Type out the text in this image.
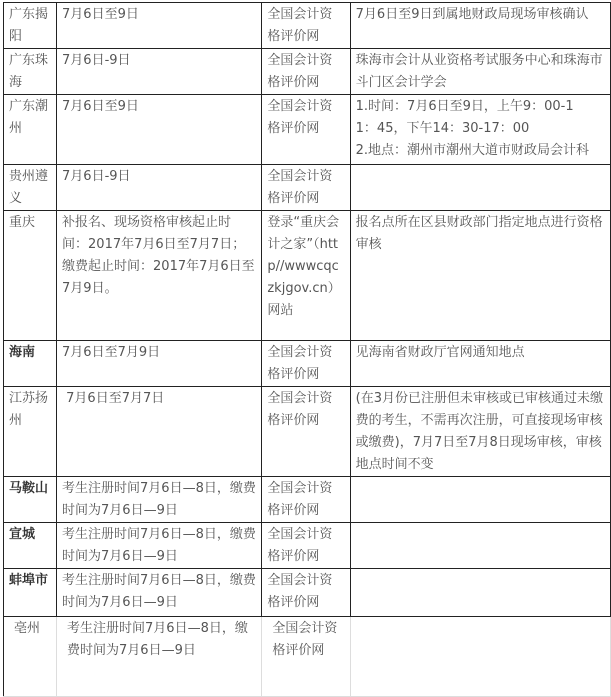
广东揭阳	7月6日至9日	全国会计资格评价网	7月6日至9日到属地财政局现场审核确认
广东珠海	7月6日-9日	全国会计资格评价网	珠海市会计从业资格考试服务中心和珠海市斗门区会计学会
广东潮州	7月6日至9日	全国会计资格评价网	1.时间：7月6日至9日，上午9：00-1
1：45，下午14：30-17：00
2.地点：潮州市潮州大道市财政局会计科

贵州遵义	7月6日-9日	全国会计资格评价网	
重庆	补报名、现场资格审核起止时间：2017年7月6日至7月7日；缴费起止时间：2017年7月6日至7月9日。	登录“重庆会计之家”（http//wwwcqczkjgov.cn）网站	报名点所在区县财政部门指定地点进行资格审核
海南	7月6日至7月9日	全国会计资格评价网	见海南省财政厅官网通知地点
江苏扬州	7月6日至7月7日	全国会计资格评价网	(在3月份已注册但未审核或已审核通过未缴费的考生，不需再次注册，可直接现场审核或缴费)，7月7日至7月8日现场审核，审核地点时间不变
马鞍山	考生注册时间7月6日—8日，缴费时间为7月6日—9日	全国会计资格评价网	
宣城	考生注册时间7月6日—8日，缴费时间为7月6日—9日	全国会计资格评价网	
蚌埠市	考生注册时间7月6日—8日，缴费时间为7月6日—9日	全国会计资格评价网	
亳州	考生注册时间7月6日—8日，缴费时间为7月6日—9日	全国会计资格评价网	
